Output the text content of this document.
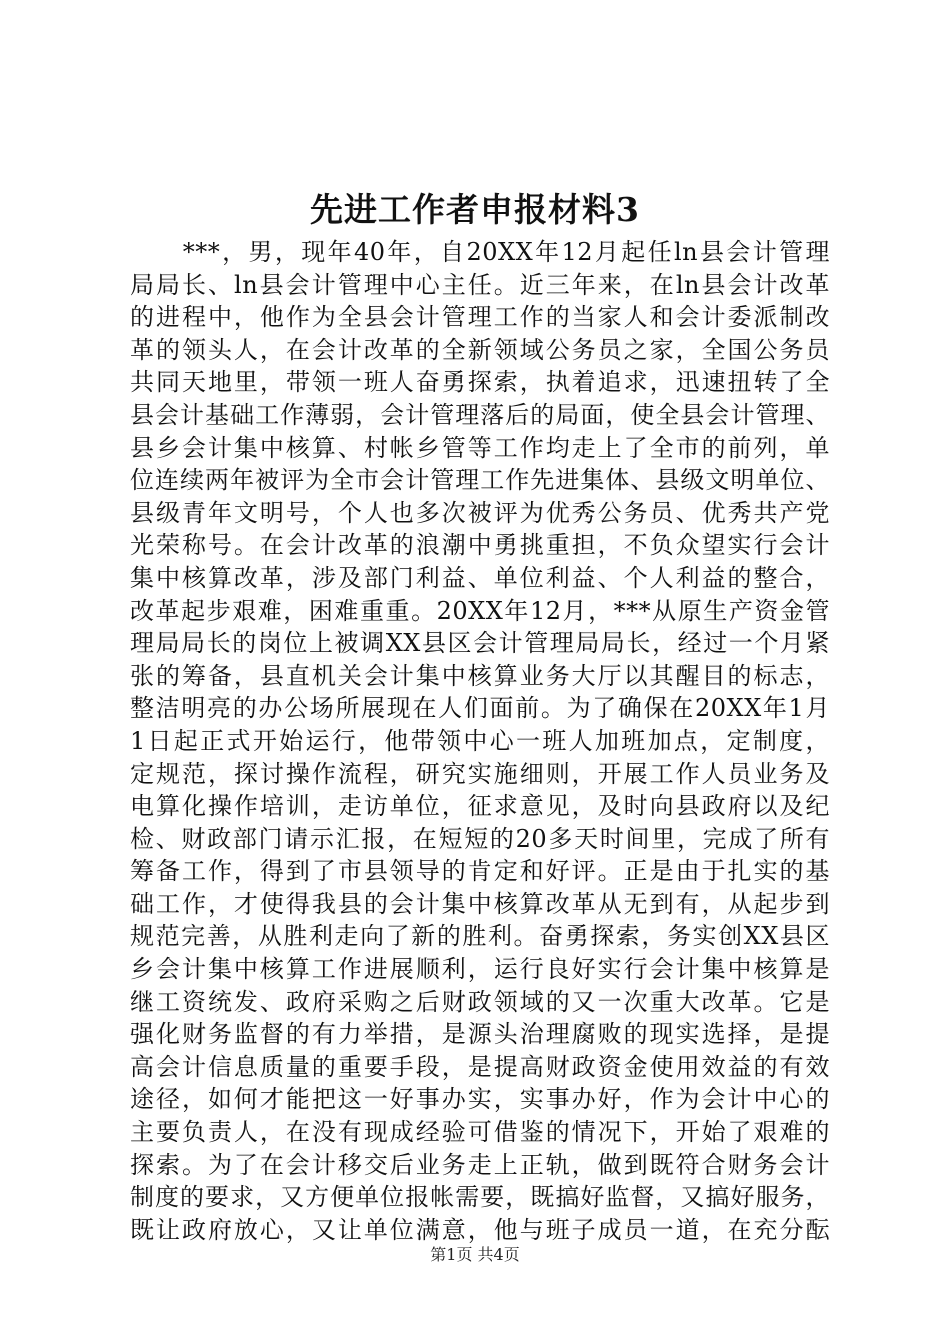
先进工作者申报材料3
　　***，男，现年40年，自20XX年12月起任ln县会计管理
局局长、ln县会计管理中心主任。近三年来，在ln县会计改革
的进程中，他作为全县会计管理工作的当家人和会计委派制改
革的领头人，在会计改革的全新领域公务员之家，全国公务员
共同天地里，带领一班人奋勇探索，执着追求，迅速扭转了全
县会计基础工作薄弱，会计管理落后的局面，使全县会计管理、
县乡会计集中核算、村帐乡管等工作均走上了全市的前列，单
位连续两年被评为全市会计管理工作先进集体、县级文明单位、
县级青年文明号，个人也多次被评为优秀公务员、优秀共产党
光荣称号。在会计改革的浪潮中勇挑重担，不负众望实行会计
集中核算改革，涉及部门利益、单位利益、个人利益的整合，
改革起步艰难，困难重重。20XX年12月，***从原生产资金管
理局局长的岗位上被调XX县区会计管理局局长，经过一个月紧
张的筹备，县直机关会计集中核算业务大厅以其醒目的标志，
整洁明亮的办公场所展现在人们面前。为了确保在20XX年1月
1日起正式开始运行，他带领中心一班人加班加点，定制度，
定规范，探讨操作流程，研究实施细则，开展工作人员业务及
电算化操作培训，走访单位，征求意见，及时向县政府以及纪
检、财政部门请示汇报，在短短的20多天时间里，完成了所有
筹备工作，得到了市县领导的肯定和好评。正是由于扎实的基
础工作，才使得我县的会计集中核算改革从无到有，从起步到
规范完善，从胜利走向了新的胜利。奋勇探索，务实创XX县区
乡会计集中核算工作进展顺利，运行良好实行会计集中核算是
继工资统发、政府采购之后财政领域的又一次重大改革。它是
强化财务监督的有力举措，是源头治理腐败的现实选择，是提
高会计信息质量的重要手段，是提高财政资金使用效益的有效
途径，如何才能把这一好事办实，实事办好，作为会计中心的
主要负责人，在没有现成经验可借鉴的情况下，开始了艰难的
探索。为了在会计移交后业务走上正轨，做到既符合财务会计
制度的要求，又方便单位报帐需要，既搞好监督，又搞好服务，
既让政府放心，又让单位满意，他与班子成员一道，在充分酝
第1页 共4页
